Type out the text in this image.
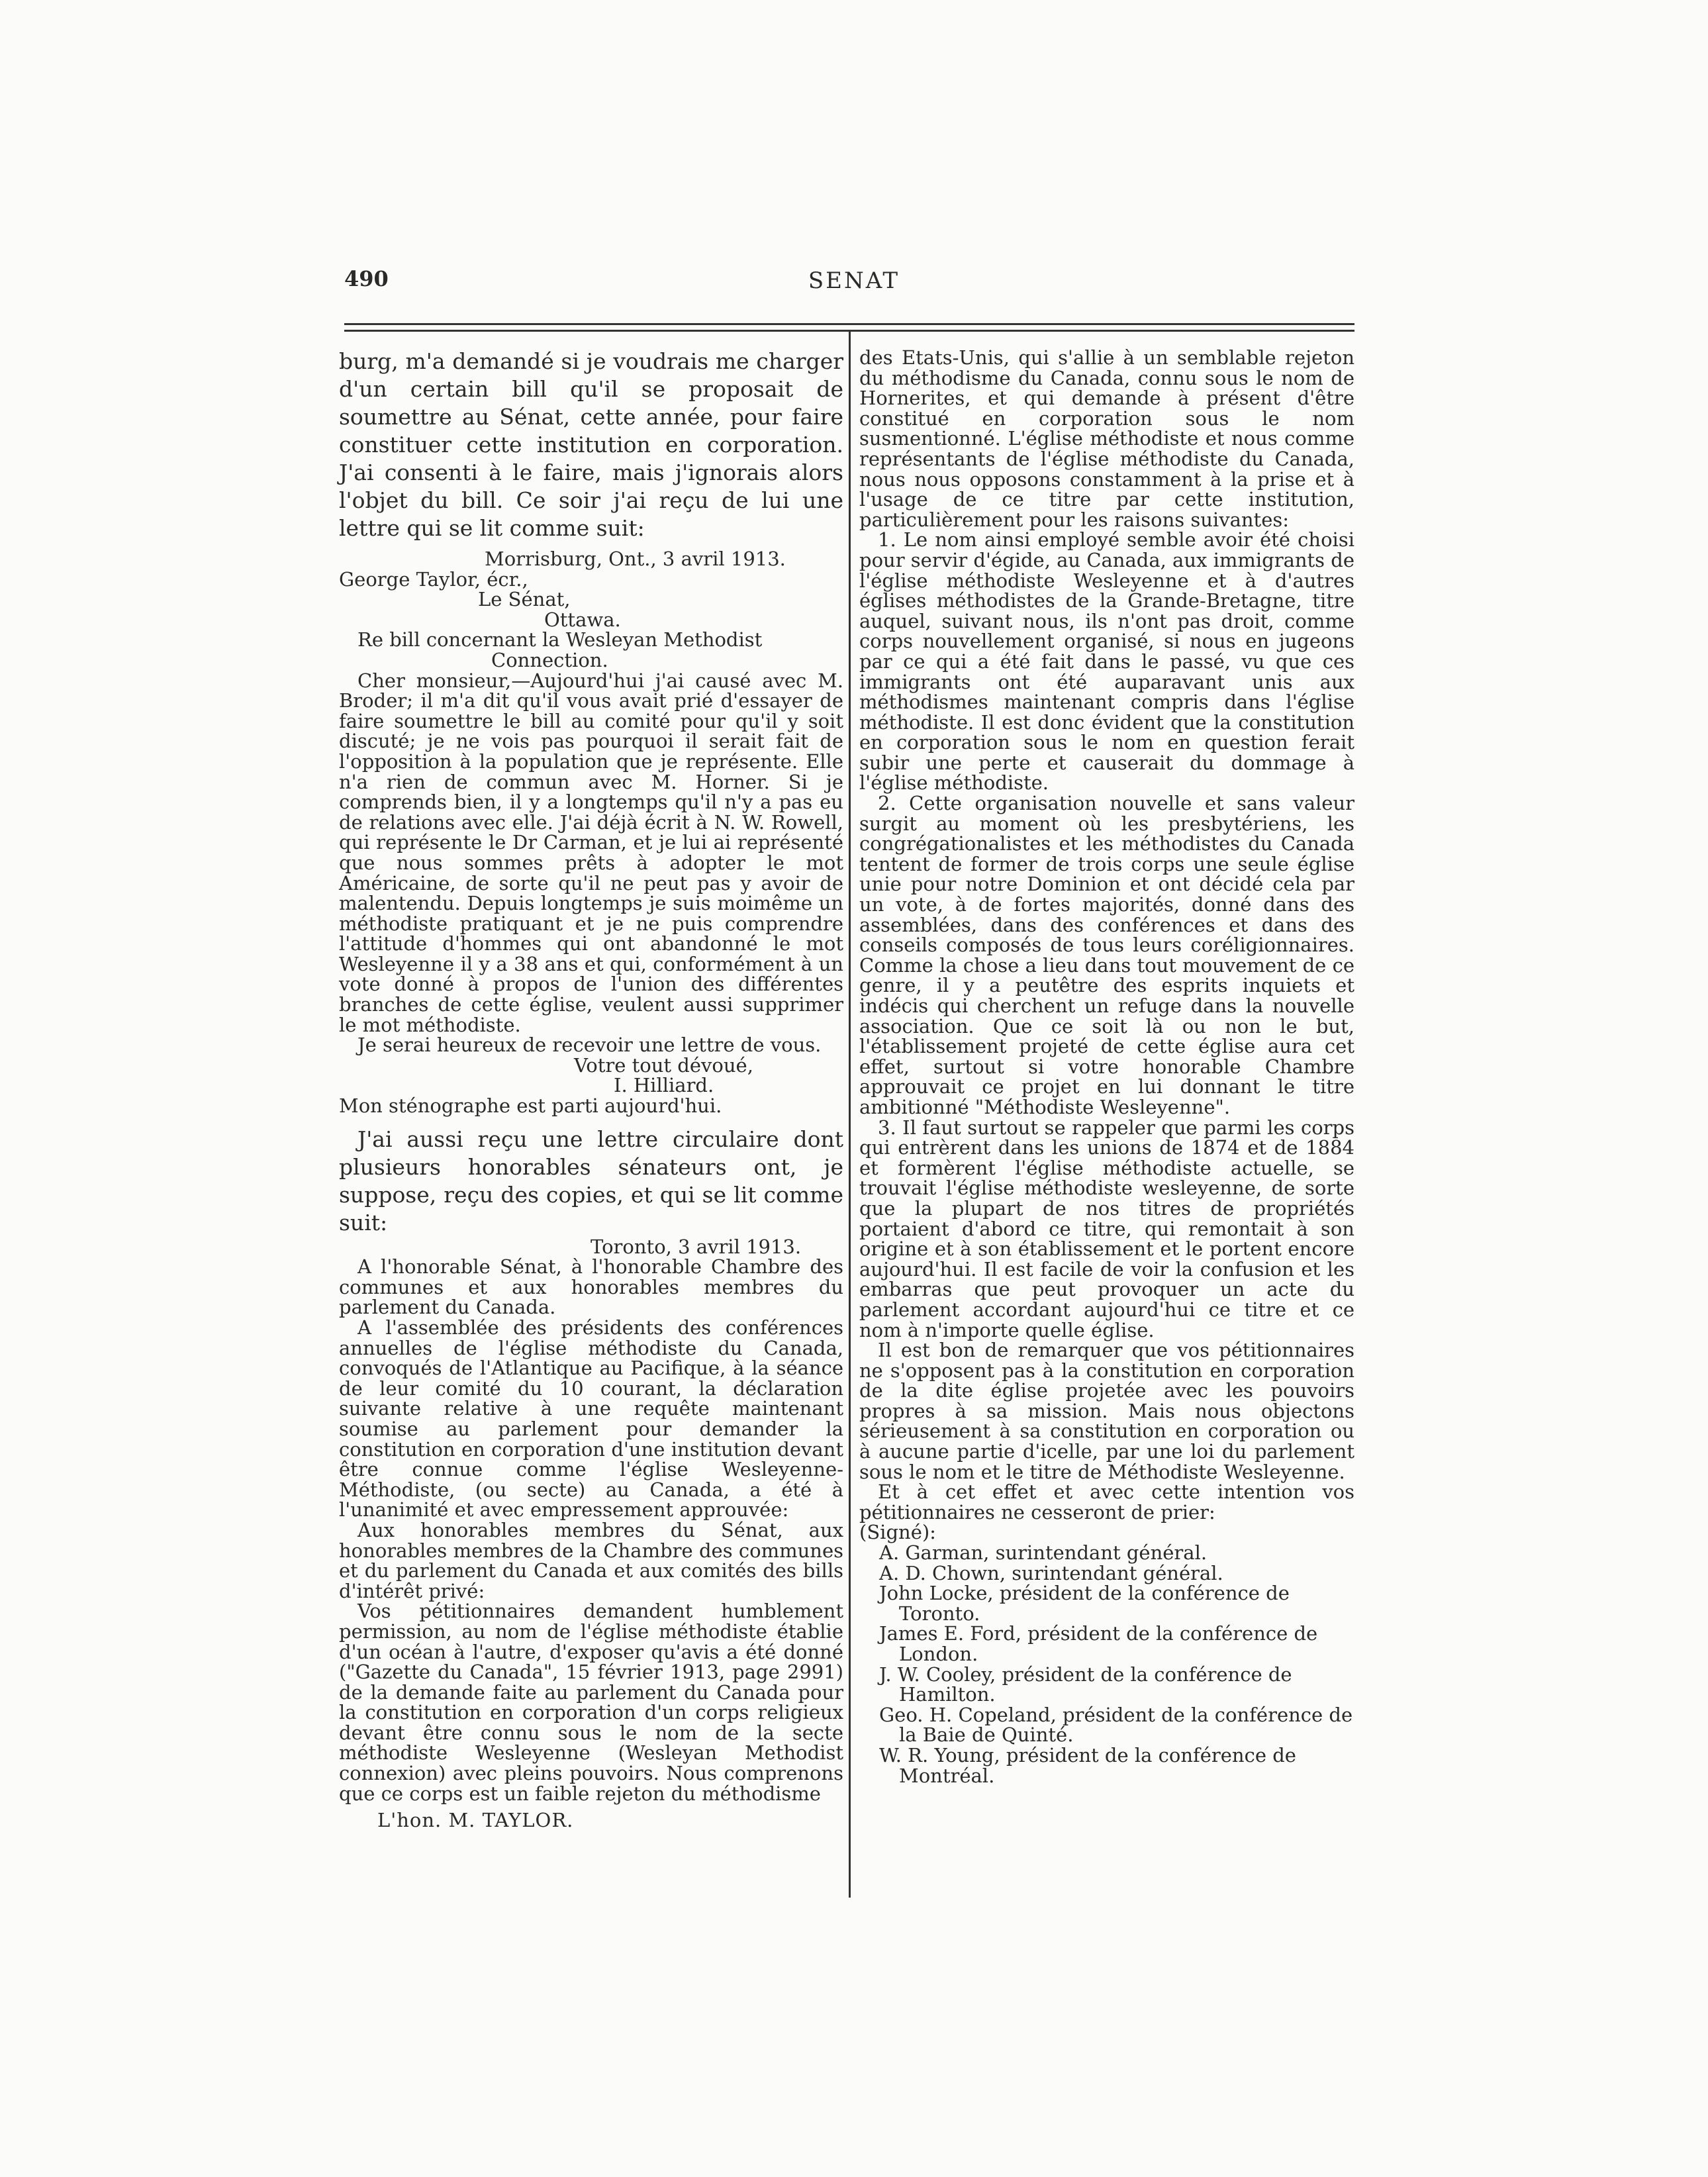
490	SENAT

burg, m'a demandé si je voudrais me charger d'un certain bill qu'il se proposait de soumettre au Sénat, cette année, pour faire constituer cette institution en corporation. J'ai consenti à le faire, mais j'ignorais alors l'objet du bill. Ce soir j'ai reçu de lui une lettre qui se lit comme suit:

Morrisburg, Ont., 3 avril 1913.

George Taylor, écr.,

Le Sénat,

Ottawa.

Re bill concernant la Wesleyan Methodist

Connection.

Cher monsieur,—Aujourd'hui j'ai causé avec M. Broder; il m'a dit qu'il vous avait prié d'essayer de faire soumettre le bill au comité pour qu'il y soit discuté; je ne vois pas pourquoi il serait fait de l'opposition à la population que je représente. Elle n'a rien de commun avec M. Horner. Si je comprends bien, il y a longtemps qu'il n'y a pas eu de relations avec elle. J'ai déjà écrit à N. W. Rowell, qui représente le Dr Carman, et je lui ai représenté que nous sommes prêts à adopter le mot Américaine, de sorte qu'il ne peut pas y avoir de malentendu. Depuis longtemps je suis moimême un méthodiste pratiquant et je ne puis comprendre l'attitude d'hommes qui ont abandonné le mot Wesleyenne il y a 38 ans et qui, conformément à un vote donné à propos de l'union des différentes branches de cette église, veulent aussi supprimer le mot méthodiste.

Je serai heureux de recevoir une lettre de vous.

Votre tout dévoué,

I. Hilliard.

Mon sténographe est parti aujourd'hui.

J'ai aussi reçu une lettre circulaire dont plusieurs honorables sénateurs ont, je suppose, reçu des copies, et qui se lit comme suit:

Toronto, 3 avril 1913.

A l'honorable Sénat, à l'honorable Chambre des communes et aux honorables membres du parlement du Canada.

A l'assemblée des présidents des conférences annuelles de l'église méthodiste du Canada, convoqués de l'Atlantique au Pacifique, à la séance de leur comité du 10 courant, la déclaration suivante relative à une requête maintenant soumise au parlement pour demander la constitution en corporation d'une institution devant être connue comme l'église Wesleyenne-Méthodiste, (ou secte) au Canada, a été à l'unanimité et avec empressement approuvée:

Aux honorables membres du Sénat, aux honorables membres de la Chambre des communes et du parlement du Canada et aux comités des bills d'intérêt privé:

Vos pétitionnaires demandent humblement permission, au nom de l'église méthodiste établie d'un océan à l'autre, d'exposer qu'avis a été donné ("Gazette du Canada", 15 février 1913, page 2991) de la demande faite au parlement du Canada pour la constitution en corporation d'un corps religieux devant être connu sous le nom de la secte méthodiste Wesleyenne (Wesleyan Methodist connexion) avec pleins pouvoirs. Nous comprenons que ce corps est un faible rejeton du méthodisme

L'hon. M. TAYLOR.

des Etats-Unis, qui s'allie à un semblable rejeton du méthodisme du Canada, connu sous le nom de Hornerites, et qui demande à présent d'être constitué en corporation sous le nom susmentionné. L'église méthodiste et nous comme représentants de l'église méthodiste du Canada, nous nous opposons constamment à la prise et à l'usage de ce titre par cette institution, particulièrement pour les raisons suivantes:

1. Le nom ainsi employé semble avoir été choisi pour servir d'égide, au Canada, aux immigrants de l'église méthodiste Wesleyenne et à d'autres églises méthodistes de la Grande-Bretagne, titre auquel, suivant nous, ils n'ont pas droit, comme corps nouvellement organisé, si nous en jugeons par ce qui a été fait dans le passé, vu que ces immigrants ont été auparavant unis aux méthodismes maintenant compris dans l'église méthodiste. Il est donc évident que la constitution en corporation sous le nom en question ferait subir une perte et causerait du dommage à l'église méthodiste.

2. Cette organisation nouvelle et sans valeur surgit au moment où les presbytériens, les congrégationalistes et les méthodistes du Canada tentent de former de trois corps une seule église unie pour notre Dominion et ont décidé cela par un vote, à de fortes majorités, donné dans des assemblées, dans des conférences et dans des conseils composés de tous leurs coréligionnaires. Comme la chose a lieu dans tout mouvement de ce genre, il y a peutêtre des esprits inquiets et indécis qui cherchent un refuge dans la nouvelle association. Que ce soit là ou non le but, l'établissement projeté de cette église aura cet effet, surtout si votre honorable Chambre approuvait ce projet en lui donnant le titre ambitionné "Méthodiste Wesleyenne".

3. Il faut surtout se rappeler que parmi les corps qui entrèrent dans les unions de 1874 et de 1884 et formèrent l'église méthodiste actuelle, se trouvait l'église méthodiste wesleyenne, de sorte que la plupart de nos titres de propriétés portaient d'abord ce titre, qui remontait à son origine et à son établissement et le portent encore aujourd'hui. Il est facile de voir la confusion et les embarras que peut provoquer un acte du parlement accordant aujourd'hui ce titre et ce nom à n'importe quelle église.

Il est bon de remarquer que vos pétitionnaires ne s'opposent pas à la constitution en corporation de la dite église projetée avec les pouvoirs propres à sa mission. Mais nous objectons sérieusement à sa constitution en corporation ou à aucune partie d'icelle, par une loi du parlement sous le nom et le titre de Méthodiste Wesleyenne.

Et à cet effet et avec cette intention vos pétitionnaires ne cesseront de prier:

(Signé):

A. Garman, surintendant général.

A. D. Chown, surintendant général.

John Locke, président de la conférence de Toronto.

James E. Ford, président de la conférence de London.

J. W. Cooley, président de la conférence de Hamilton.

Geo. H. Copeland, président de la conférence de la Baie de Quinté.

W. R. Young, président de la conférence de Montréal.
